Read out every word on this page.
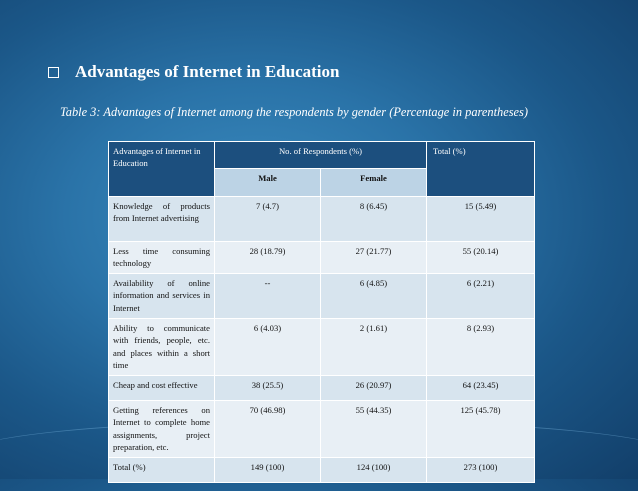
Advantages of Internet in Education
Table 3: Advantages of Internet among the respondents by gender (Percentage in parentheses)
Advantages of Internet in Education	No. of Respondents (%)		Total (%)
	Male	Female	
Knowledge of products from Internet advertising	7 (4.7)	8 (6.45)	15 (5.49)
Less time consuming technology	28 (18.79)	27 (21.77)	55 (20.14)
Availability of online information and services in Internet	--	6 (4.85)	6 (2.21)
Ability to communicate with friends, people, etc. and places within a short time	6 (4.03)	2 (1.61)	8 (2.93)
Cheap and cost effective	38 (25.5)	26 (20.97)	64 (23.45)
Getting references on Internet to complete home assignments, project preparation, etc.	70 (46.98)	55 (44.35)	125 (45.78)
Total (%)	149 (100)	124 (100)	273 (100)
